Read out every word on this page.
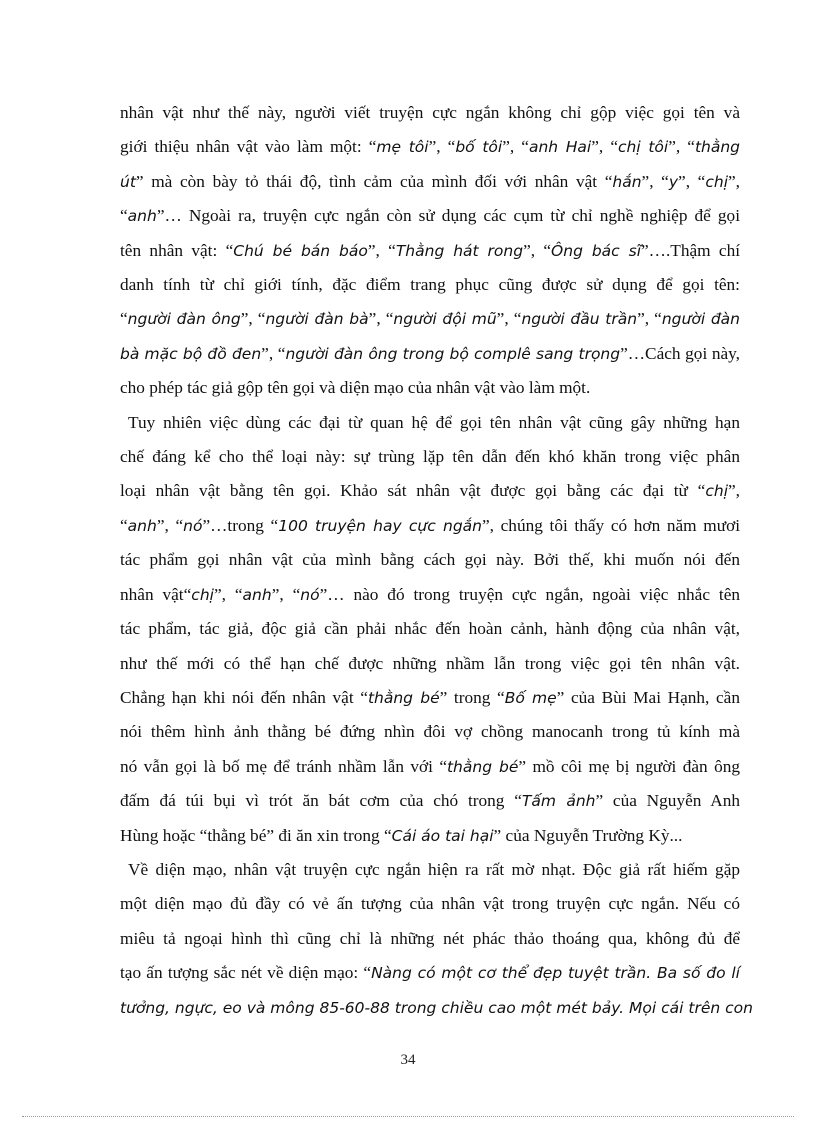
nhân vật như thế này, người viết truyện cực ngắn không chỉ gộp việc gọi tên và
giới thiệu nhân vật vào làm một: “mẹ tôi”, “bố tôi”, “anh Hai”, “chị tôi”, “thằng
út” mà còn bày tỏ thái độ, tình cảm của mình đối với nhân vật “hắn”, “y”, “chị”,
“anh”… Ngoài ra, truyện cực ngắn còn sử dụng các cụm từ chỉ nghề nghiệp để gọi
tên nhân vật: “Chú bé bán báo”, “Thằng hát rong”, “Ông bác sĩ”….Thậm chí
danh tính từ chỉ giới tính, đặc điểm trang phục cũng được sử dụng để gọi tên:
“người đàn ông”, “người đàn bà”, “người đội mũ”, “người đầu trần”, “người đàn
bà mặc bộ đồ đen”, “người đàn ông trong bộ complê sang trọng”…Cách gọi này,
cho phép tác giả gộp tên gọi và diện mạo của nhân vật vào làm một.
Tuy nhiên việc dùng các đại từ quan hệ để gọi tên nhân vật cũng gây những hạn
chế đáng kể cho thể loại này: sự trùng lặp tên dẫn đến khó khăn trong việc phân
loại nhân vật bằng tên gọi. Khảo sát nhân vật được gọi bằng các đại từ “chị”,
“anh”, “nó”…trong “100 truyện hay cực ngắn”, chúng tôi thấy có hơn năm mươi
tác phẩm gọi nhân vật của mình bằng cách gọi này. Bởi thế, khi muốn nói đến
nhân vật“chị”, “anh”, “nó”… nào đó trong truyện cực ngắn, ngoài việc nhắc tên
tác phẩm, tác giả, độc giả cần phải nhắc đến hoàn cảnh, hành động của nhân vật,
như thế mới có thể hạn chế được những nhầm lẫn trong việc gọi tên nhân vật.
Chẳng hạn khi nói đến nhân vật “thằng bé” trong “Bố mẹ” của Bùi Mai Hạnh, cần
nói thêm hình ảnh thằng bé đứng nhìn đôi vợ chồng manocanh trong tủ kính mà
nó vẫn gọi là bố mẹ để tránh nhầm lẫn với “thằng bé” mồ côi mẹ bị người đàn ông
đấm đá túi bụi vì trót ăn bát cơm của chó trong “Tấm ảnh” của Nguyễn Anh
Hùng hoặc “thằng bé” đi ăn xin trong “Cái áo tai hại” của Nguyễn Trường Kỳ...
Về diện mạo, nhân vật truyện cực ngắn hiện ra rất mờ nhạt. Độc giả rất hiếm gặp
một diện mạo đủ đầy có vẻ ấn tượng của nhân vật trong truyện cực ngắn. Nếu có
miêu tả ngoại hình thì cũng chỉ là những nét phác thảo thoáng qua, không đủ để
tạo ấn tượng sắc nét về diện mạo: “Nàng có một cơ thể đẹp tuyệt trần. Ba số đo lí
tưởng, ngực, eo và mông 85-60-88 trong chiều cao một mét bảy. Mọi cái trên con
34
